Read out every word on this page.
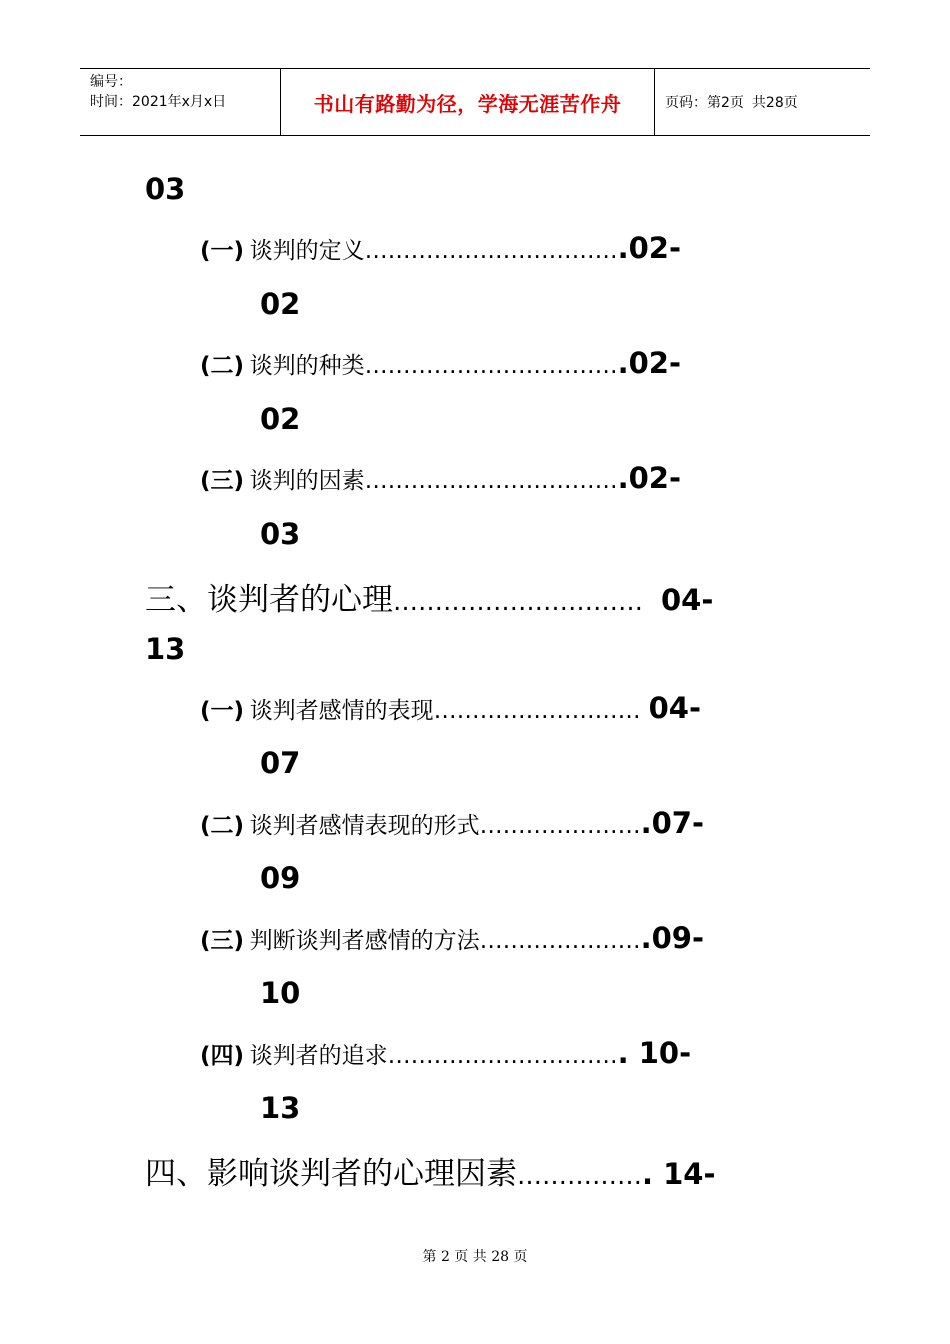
编号：
时间：2021年x月x日	书山有路勤为径，学海无涯苦作舟	页码：第2页 共28页
03
(一) 谈判的定义…………………………….02-
02
(二) 谈判的种类…………………………….02-
02
(三) 谈判的因素…………………………….02-
03
三、谈判者的心理………………………… 04-
13
(一) 谈判者感情的表现……………………… 04-
07
(二) 谈判者感情表现的形式………………….07-
09
(三) 判断谈判者感情的方法………………….09-
10
(四) 谈判者的追求…………………………. 10-
13
四、影响谈判者的心理因素……………. 14-
第 2 页 共 28 页
